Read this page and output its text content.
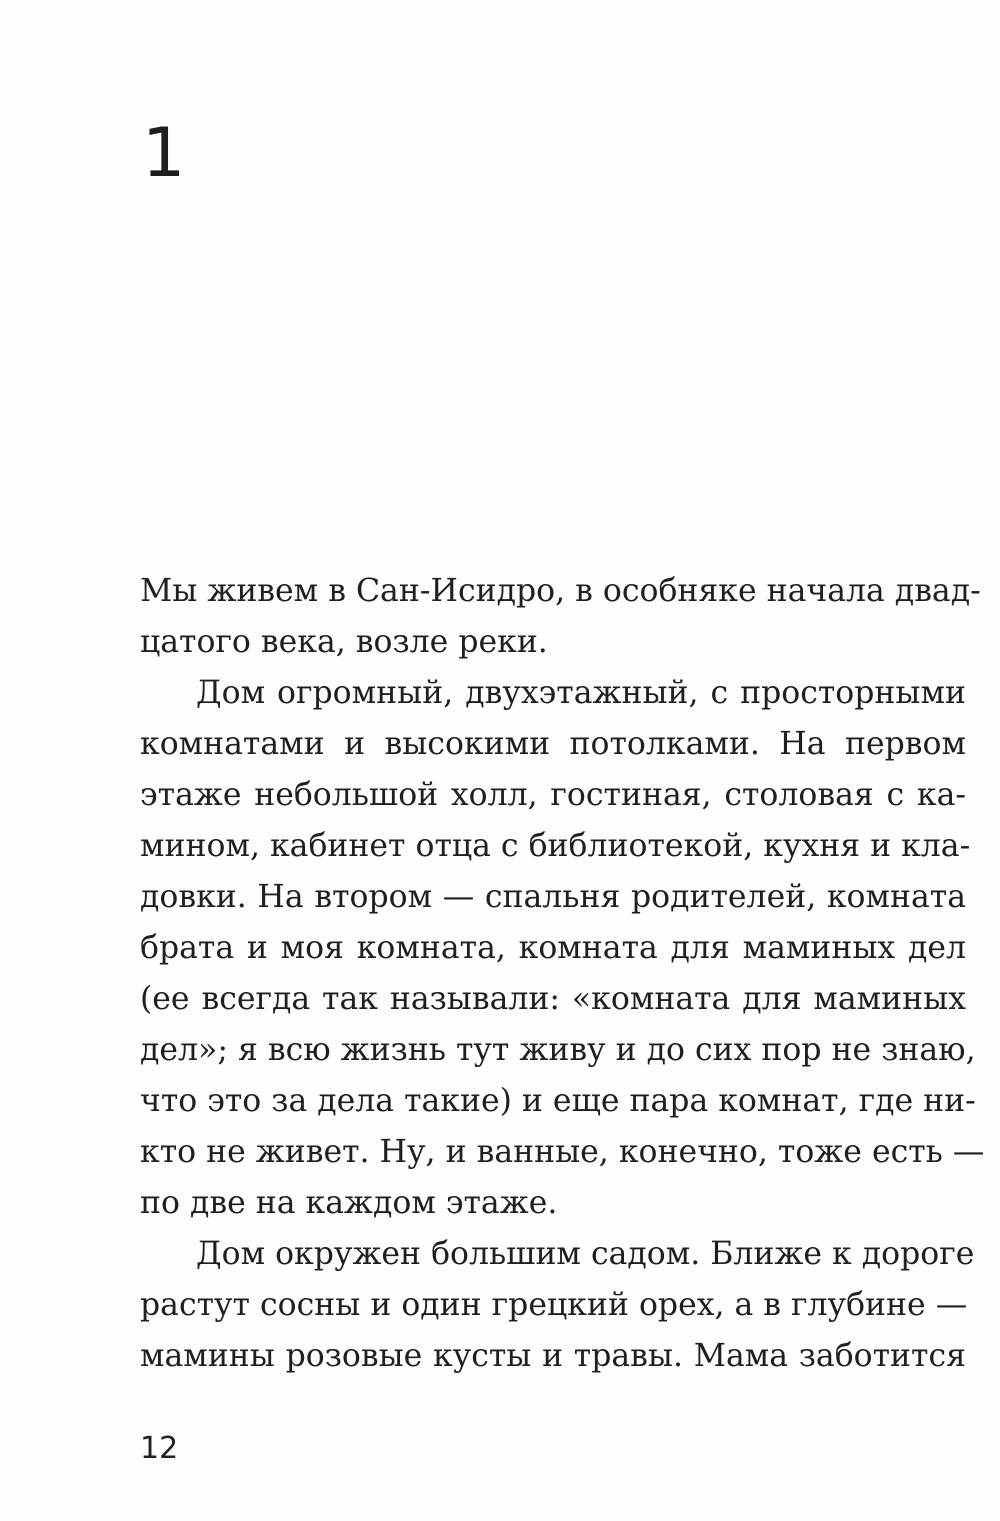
1
Мы живем в Сан-Исидро, в особняке начала двад-
цатого века, возле реки.
Дом огромный, двухэтажный, с просторными
комнатами и высокими потолками. На первом
этаже небольшой холл, гостиная, столовая с ка-
мином, кабинет отца с библиотекой, кухня и кла-
довки. На втором — спальня родителей, комната
брата и моя комната, комната для маминых дел
(ее всегда так называли: «комната для маминых
дел»; я всю жизнь тут живу и до сих пор не знаю,
что это за дела такие) и еще пара комнат, где ни-
кто не живет. Ну, и ванные, конечно, тоже есть —
по две на каждом этаже.
Дом окружен большим садом. Ближе к дороге
растут сосны и один грецкий орех, а в глубине —
мамины розовые кусты и травы. Мама заботится
12
